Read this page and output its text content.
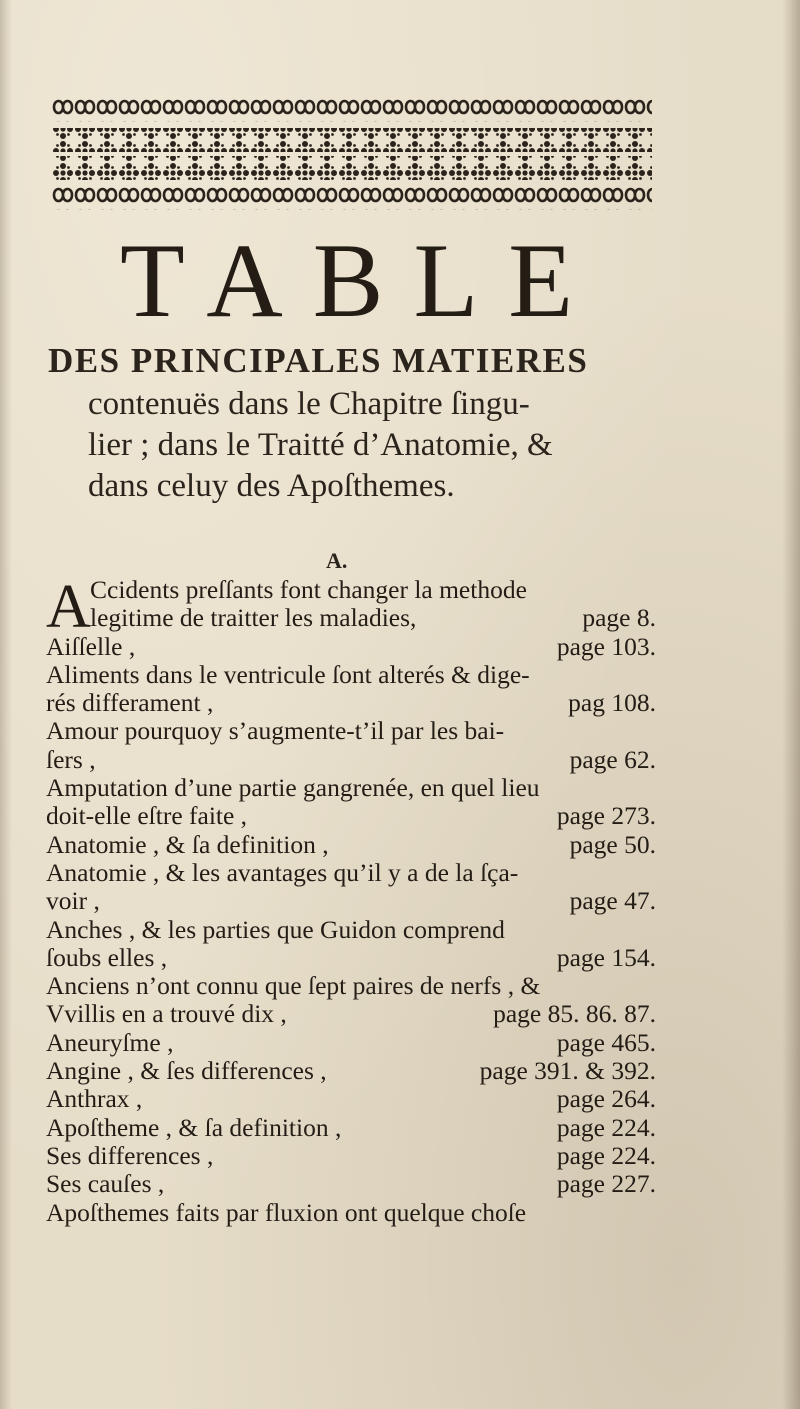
TABLE
DES PRINCIPALES MATIERES
contenuës dans le Chapitre ſingu-
lier ; dans le Traitté d’Anatomie, &
dans celuy des Apoſthemes.
A.
A Ccidents preſſants font changer la methode
legitime de traitter les maladies,	page 8.
Aiſſelle ,	page 103.
Aliments dans le ventricule ſont alterés & dige-
rés differament ,	pag 108.
Amour pourquoy s’augmente-t’il par les bai-
ſers ,	page 62.
Amputation d’une partie gangrenée, en quel lieu
doit-elle eſtre faite ,	page 273.
Anatomie , & ſa definition ,	page 50.
Anatomie , & les avantages qu’il y a de la ſça-
voir ,	page 47.
Anches , & les parties que Guidon comprend
ſoubs elles ,	page 154.
Anciens n’ont connu que ſept paires de nerfs , &
Vvillis en a trouvé dix ,	page 85. 86. 87.
Aneuryſme ,	page 465.
Angine , & ſes differences ,	page 391. & 392.
Anthrax ,	page 264.
Apoſtheme , & ſa definition ,	page 224.
Ses differences ,	page 224.
Ses cauſes ,	page 227.
Apoſthemes faits par fluxion ont quelque choſe
